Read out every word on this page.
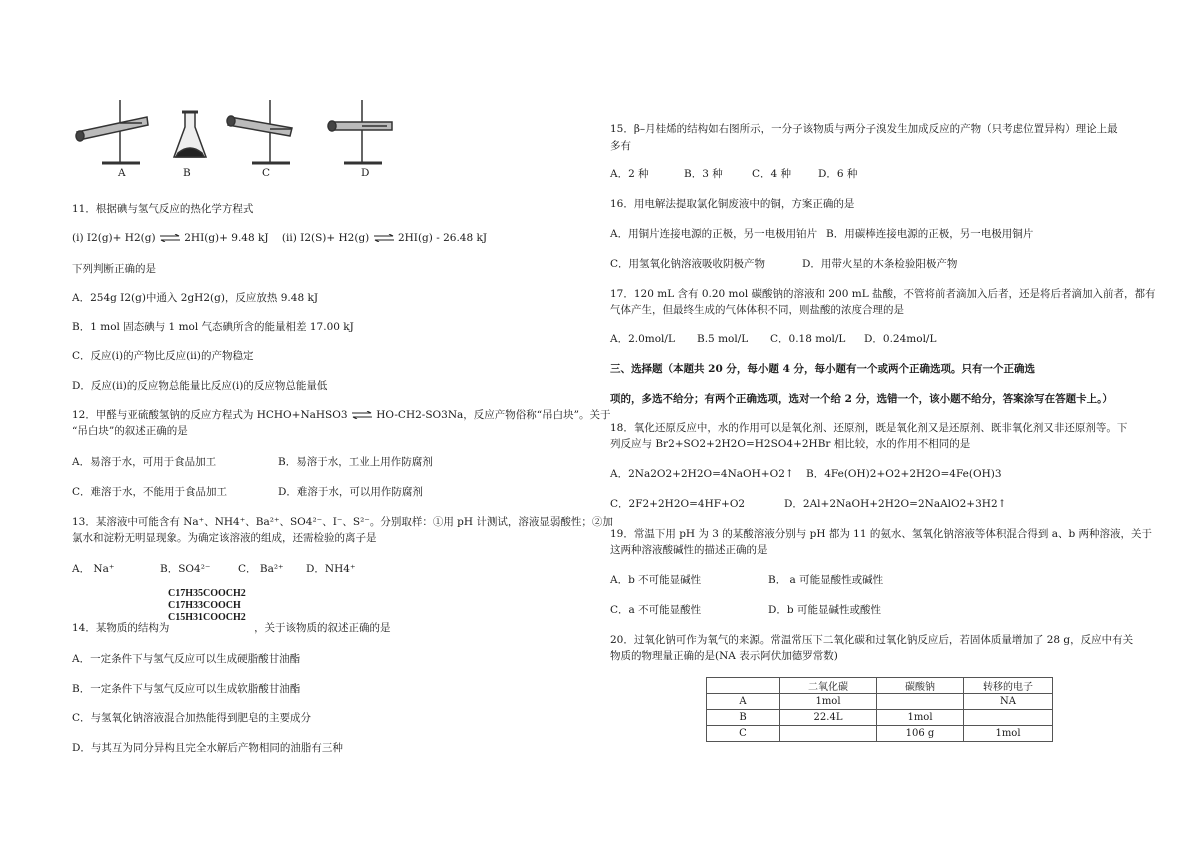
A	B	C	D
11．根据碘与氢气反应的热化学方程式
(i) I2(g)+ H2(g) ⇌ 2HI(g)+ 9.48 kJ (ii) I2(S)+ H2(g) ⇌ 2HI(g) - 26.48 kJ
下列判断正确的是
A．254g I2(g)中通入 2gH2(g)，反应放热 9.48 kJ
B．1 mol 固态碘与 1 mol 气态碘所含的能量相差 17.00 kJ
C．反应(i)的产物比反应(ii)的产物稳定
D．反应(ii)的反应物总能量比反应(i)的反应物总能量低
12．甲醛与亚硫酸氢钠的反应方程式为 HCHO+NaHSO3 ⇌ HO-CH2-SO3Na，反应产物俗称“吊白块”。关于
“吊白块”的叙述正确的是
A．易溶于水，可用于食品加工	B．易溶于水，工业上用作防腐剂
C．难溶于水，不能用于食品加工	D．难溶于水，可以用作防腐剂
13．某溶液中可能含有 Na⁺、NH4⁺、Ba²⁺、SO4²⁻、I⁻、S²⁻。分别取样：①用 pH 计测试，溶液显弱酸性；②加
氯水和淀粉无明显现象。为确定该溶液的组成，还需检验的离子是
A． Na⁺	B．SO4²⁻	C． Ba²⁺ D．NH4⁺
C17H35COOCH2
C17H33COOCH
C15H31COOCH2
14．某物质的结构为	，关于该物质的叙述正确的是
A．一定条件下与氢气反应可以生成硬脂酸甘油酯
B．一定条件下与氢气反应可以生成软脂酸甘油酯
C．与氢氧化钠溶液混合加热能得到肥皂的主要成分
D．与其互为同分异构且完全水解后产物相同的油脂有三种
15．β–月桂烯的结构如右图所示，一分子该物质与两分子溴发生加成反应的产物（只考虑位置异构）理论上最
多有
A．2 种	B．3 种	C．4 种	D．6 种
16．用电解法提取氯化铜废液中的铜，方案正确的是
A．用铜片连接电源的正极，另一电极用铂片 B．用碳棒连接电源的正极，另一电极用铜片
C．用氢氧化钠溶液吸收阴极产物	D．用带火星的木条检验阳极产物
17．120 mL 含有 0.20 mol 碳酸钠的溶液和 200 mL 盐酸，不管将前者滴加入后者，还是将后者滴加入前者，都有
气体产生，但最终生成的气体体积不同，则盐酸的浓度合理的是
A．2.0mol/L B.5 mol/L C．0.18 mol/L D．0.24mol/L
三、选择题（本题共 20 分，每小题 4 分，每小题有一个或两个正确选项。只有一个正确选
项的，多选不给分；有两个正确选项，选对一个给 2 分，选错一个，该小题不给分，答案涂写在答题卡上。）
18．氧化还原反应中，水的作用可以是氧化剂、还原剂，既是氧化剂又是还原剂、既非氧化剂又非还原剂等。下
列反应与 Br2+SO2+2H2O=H2SO4+2HBr 相比较，水的作用不相同的是
A．2Na2O2+2H2O=4NaOH+O2↑ B．4Fe(OH)2+O2+2H2O=4Fe(OH)3
C．2F2+2H2O=4HF+O2	D．2Al+2NaOH+2H2O=2NaAlO2+3H2↑
19．常温下用 pH 为 3 的某酸溶液分别与 pH 都为 11 的氨水、氢氧化钠溶液等体积混合得到 a、b 两种溶液，关于
这两种溶液酸碱性的描述正确的是
A．b 不可能显碱性	B． a 可能显酸性或碱性
C．a 不可能显酸性	D．b 可能显碱性或酸性
20．过氧化钠可作为氧气的来源。常温常压下二氧化碳和过氧化钠反应后，若固体质量增加了 28 g，反应中有关
物质的物理量正确的是(NA 表示阿伏加德罗常数)
	二氧化碳	碳酸钠	转移的电子
A	1mol		NA
B	22.4L	1mol	
C		106 g	1mol
